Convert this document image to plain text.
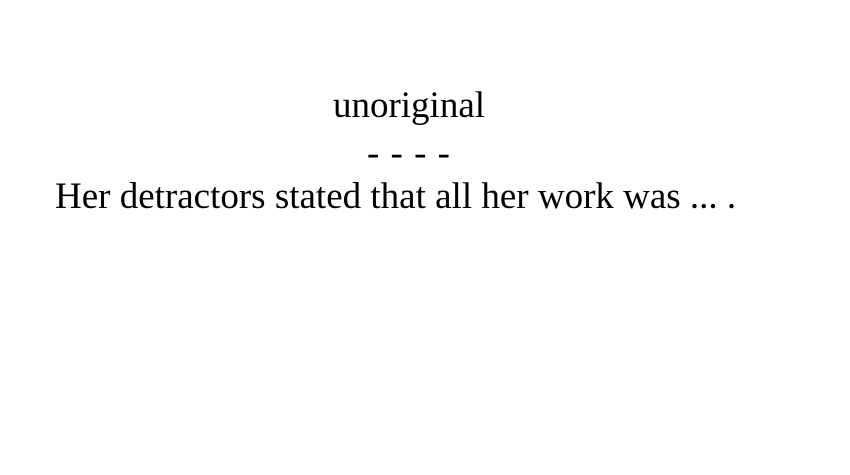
unoriginal
- - - -
Her detractors stated that all her work was ... .
